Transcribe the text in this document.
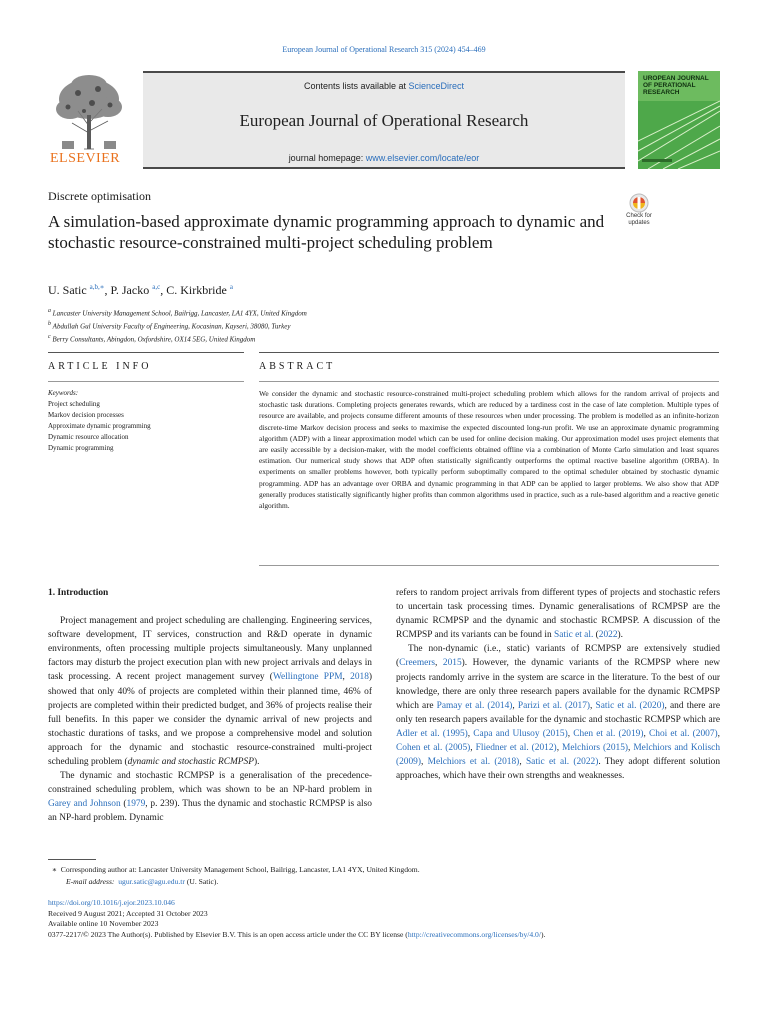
European Journal of Operational Research 315 (2024) 454–469
ELSEVIER
Contents lists available at ScienceDirect
European Journal of Operational Research
journal homepage: www.elsevier.com/locate/eor
UROPEAN JOURNAL OF PERATIONAL RESEARCH
Discrete optimisation
Check for updates
A simulation-based approximate dynamic programming approach to dynamic and stochastic resource-constrained multi-project scheduling problem
U. Satic $^{a,b,∗}$, P. Jacko $^{a,c}$, C. Kirkbride $^a$
$^a$ Lancaster University Management School, Bailrigg, Lancaster, LA1 4YX, United Kingdom
$^b$ Abdullah Gul University Faculty of Engineering, Kocasinan, Kayseri, 38080, Turkey
$^c$ Berry Consultants, Abingdon, Oxfordshire, OX14 5EG, United Kingdom
ARTICLE INFO	ABSTRACT
Keywords:
Project scheduling
Markov decision processes
Approximate dynamic programming
Dynamic resource allocation
Dynamic programming
We consider the dynamic and stochastic resource-constrained multi-project scheduling problem which allows for the random arrival of projects and stochastic task durations. Completing projects generates rewards, which are reduced by a tardiness cost in the case of late completion. Multiple types of resource are available, and projects consume different amounts of these resources when under processing. The problem is modelled as an infinite-horizon discrete-time Markov decision process and seeks to maximise the expected discounted long-run profit. We use an approximate dynamic programming algorithm (ADP) with a linear approximation model which can be used for online decision making. Our approximation model uses project elements that are easily accessible by a decision-maker, with the model coefficients obtained offline via a combination of Monte Carlo simulation and least squares estimation. Our numerical study shows that ADP often statistically significantly outperforms the optimal reactive baseline algorithm (ORBA). In experiments on smaller problems however, both typically perform suboptimally compared to the optimal scheduler obtained by stochastic dynamic programming. ADP has an advantage over ORBA and dynamic programming in that ADP can be applied to larger problems. We also show that ADP generally produces statistically significantly higher profits than common algorithms used in practice, such as a rule-based algorithm and a reactive genetic algorithm.

1. Introduction

Project management and project scheduling are challenging. Engineering services, software development, IT services, construction and R&D operate in dynamic environments, often processing multiple projects simultaneously. Many unplanned factors may disturb the project execution plan with new project arrivals and delays in task processing. A recent project management survey (Wellingtone PPM, 2018) showed that only 40% of projects are completed within their planned time, 46% of projects are completed within their predicted budget, and 36% of projects realise their full benefits. In this paper we consider the dynamic arrival of new projects and stochastic durations of tasks, and we propose a comprehensive model and solution approach for the dynamic and stochastic resource-constrained multi-project scheduling problem (dynamic and stochastic RCMPSP).

The dynamic and stochastic RCMPSP is a generalisation of the precedence-constrained scheduling problem, which was shown to be an NP-hard problem in Garey and Johnson (1979, p. 239). Thus the dynamic and stochastic RCMPSP is also an NP-hard problem. Dynamic

refers to random project arrivals from different types of projects and stochastic refers to uncertain task processing times. Dynamic generalisations of RCMPSP are the dynamic RCMPSP and the dynamic and stochastic RCMPSP. A discussion of the RCMPSP and its variants can be found in Satic et al. (2022).

The non-dynamic (i.e., static) variants of RCMPSP are extensively studied (Creemers, 2015). However, the dynamic variants of the RCMPSP where new projects randomly arrive in the system are scarce in the literature. To the best of our knowledge, there are only three research papers available for the dynamic RCMPSP which are Pamay et al. (2014), Parizi et al. (2017), Satic et al. (2020), and there are only ten research papers available for the dynamic and stochastic RCMPSP which are Adler et al. (1995), Capa and Ulusoy (2015), Chen et al. (2019), Choi et al. (2007), Cohen et al. (2005), Fliedner et al. (2012), Melchiors (2015), Melchiors and Kolisch (2009), Melchiors et al. (2018), Satic et al. (2022). They adopt different solution approaches, which have their own strengths and weaknesses.

∗ Corresponding author at: Lancaster University Management School, Bailrigg, Lancaster, LA1 4YX, United Kingdom.
E-mail address: ugur.satic@agu.edu.tr (U. Satic).
https://doi.org/10.1016/j.ejor.2023.10.046
Received 9 August 2021; Accepted 31 October 2023
Available online 10 November 2023
0377-2217/© 2023 The Author(s). Published by Elsevier B.V. This is an open access article under the CC BY license (http://creativecommons.org/licenses/by/4.0/).
